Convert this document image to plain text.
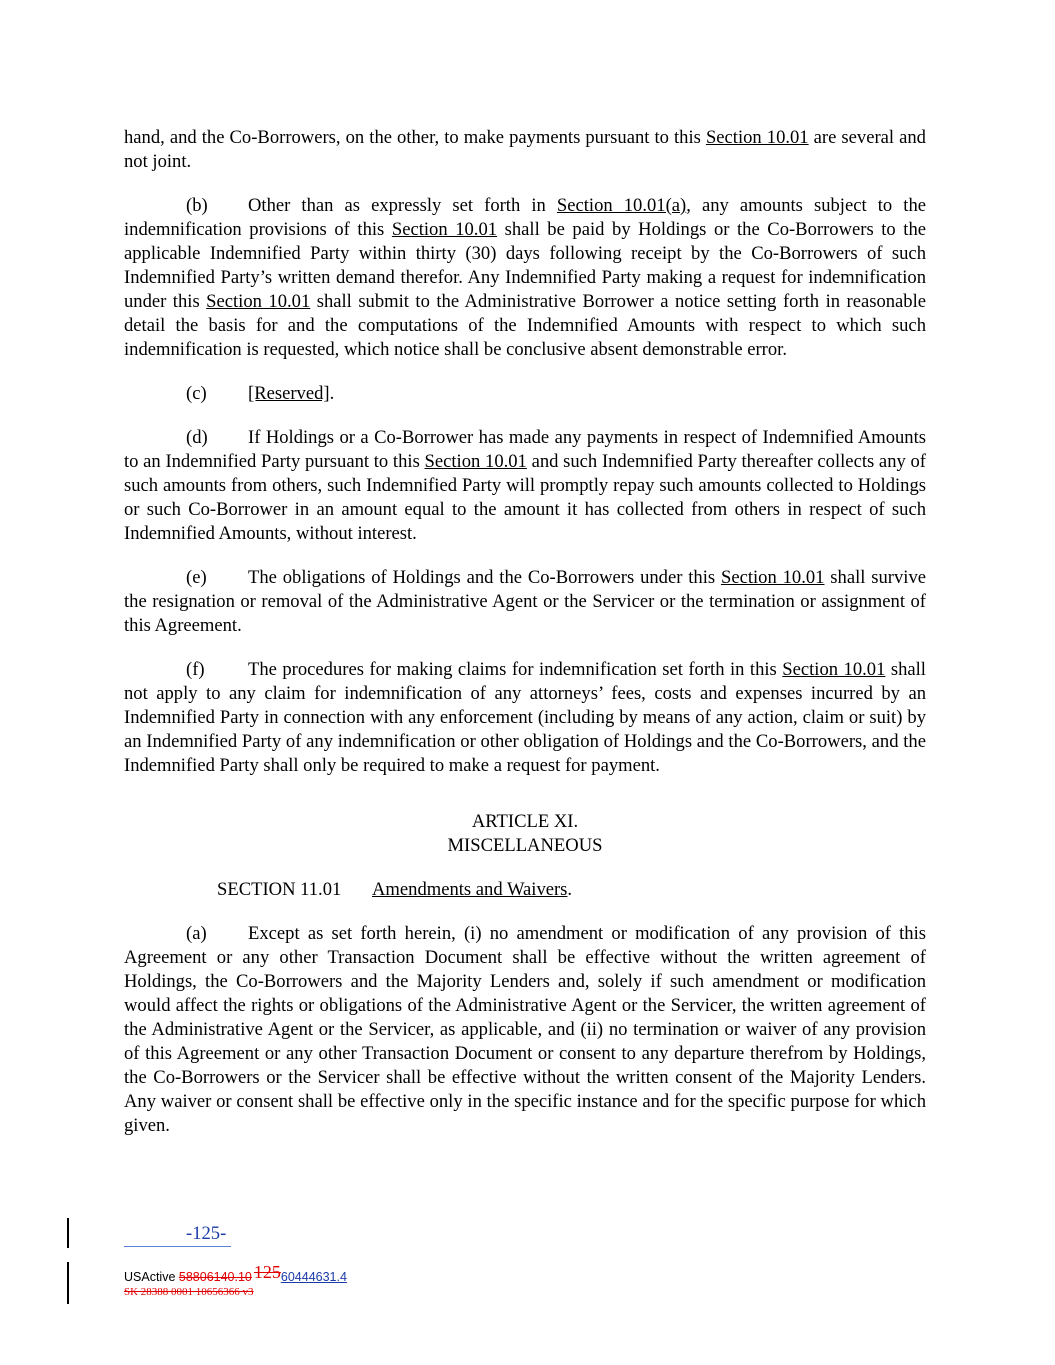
hand, and the Co-Borrowers, on the other, to make payments pursuant to this Section 10.01 are several and not joint.

(b) Other than as expressly set forth in Section 10.01(a), any amounts subject to the indemnification provisions of this Section 10.01 shall be paid by Holdings or the Co-Borrowers to the applicable Indemnified Party within thirty (30) days following receipt by the Co-Borrowers of such Indemnified Party’s written demand therefor. Any Indemnified Party making a request for indemnification under this Section 10.01 shall submit to the Administrative Borrower a notice setting forth in reasonable detail the basis for and the computations of the Indemnified Amounts with respect to which such indemnification is requested, which notice shall be conclusive absent demonstrable error.

(c) [Reserved].

(d) If Holdings or a Co-Borrower has made any payments in respect of Indemnified Amounts to an Indemnified Party pursuant to this Section 10.01 and such Indemnified Party thereafter collects any of such amounts from others, such Indemnified Party will promptly repay such amounts collected to Holdings or such Co-Borrower in an amount equal to the amount it has collected from others in respect of such Indemnified Amounts, without interest.

(e) The obligations of Holdings and the Co-Borrowers under this Section 10.01 shall survive the resignation or removal of the Administrative Agent or the Servicer or the termination or assignment of this Agreement.

(f) The procedures for making claims for indemnification set forth in this Section 10.01 shall not apply to any claim for indemnification of any attorneys’ fees, costs and expenses incurred by an Indemnified Party in connection with any enforcement (including by means of any action, claim or suit) by an Indemnified Party of any indemnification or other obligation of Holdings and the Co-Borrowers, and the Indemnified Party shall only be required to make a request for payment.

ARTICLE XI.

MISCELLANEOUS

SECTION 11.01 Amendments and Waivers.

(a) Except as set forth herein, (i) no amendment or modification of any provision of this Agreement or any other Transaction Document shall be effective without the written agreement of Holdings, the Co-Borrowers and the Majority Lenders and, solely if such amendment or modification would affect the rights or obligations of the Administrative Agent or the Servicer, the written agreement of the Administrative Agent or the Servicer, as applicable, and (ii) no termination or waiver of any provision of this Agreement or any other Transaction Document or consent to any departure therefrom by Holdings, the Co-Borrowers or the Servicer shall be effective without the written consent of the Majority Lenders. Any waiver or consent shall be effective only in the specific instance and for the specific purpose for which given.

-125-
USActive 58806140.10 12560444631.4
SK 28388 0001 10656366 v3
